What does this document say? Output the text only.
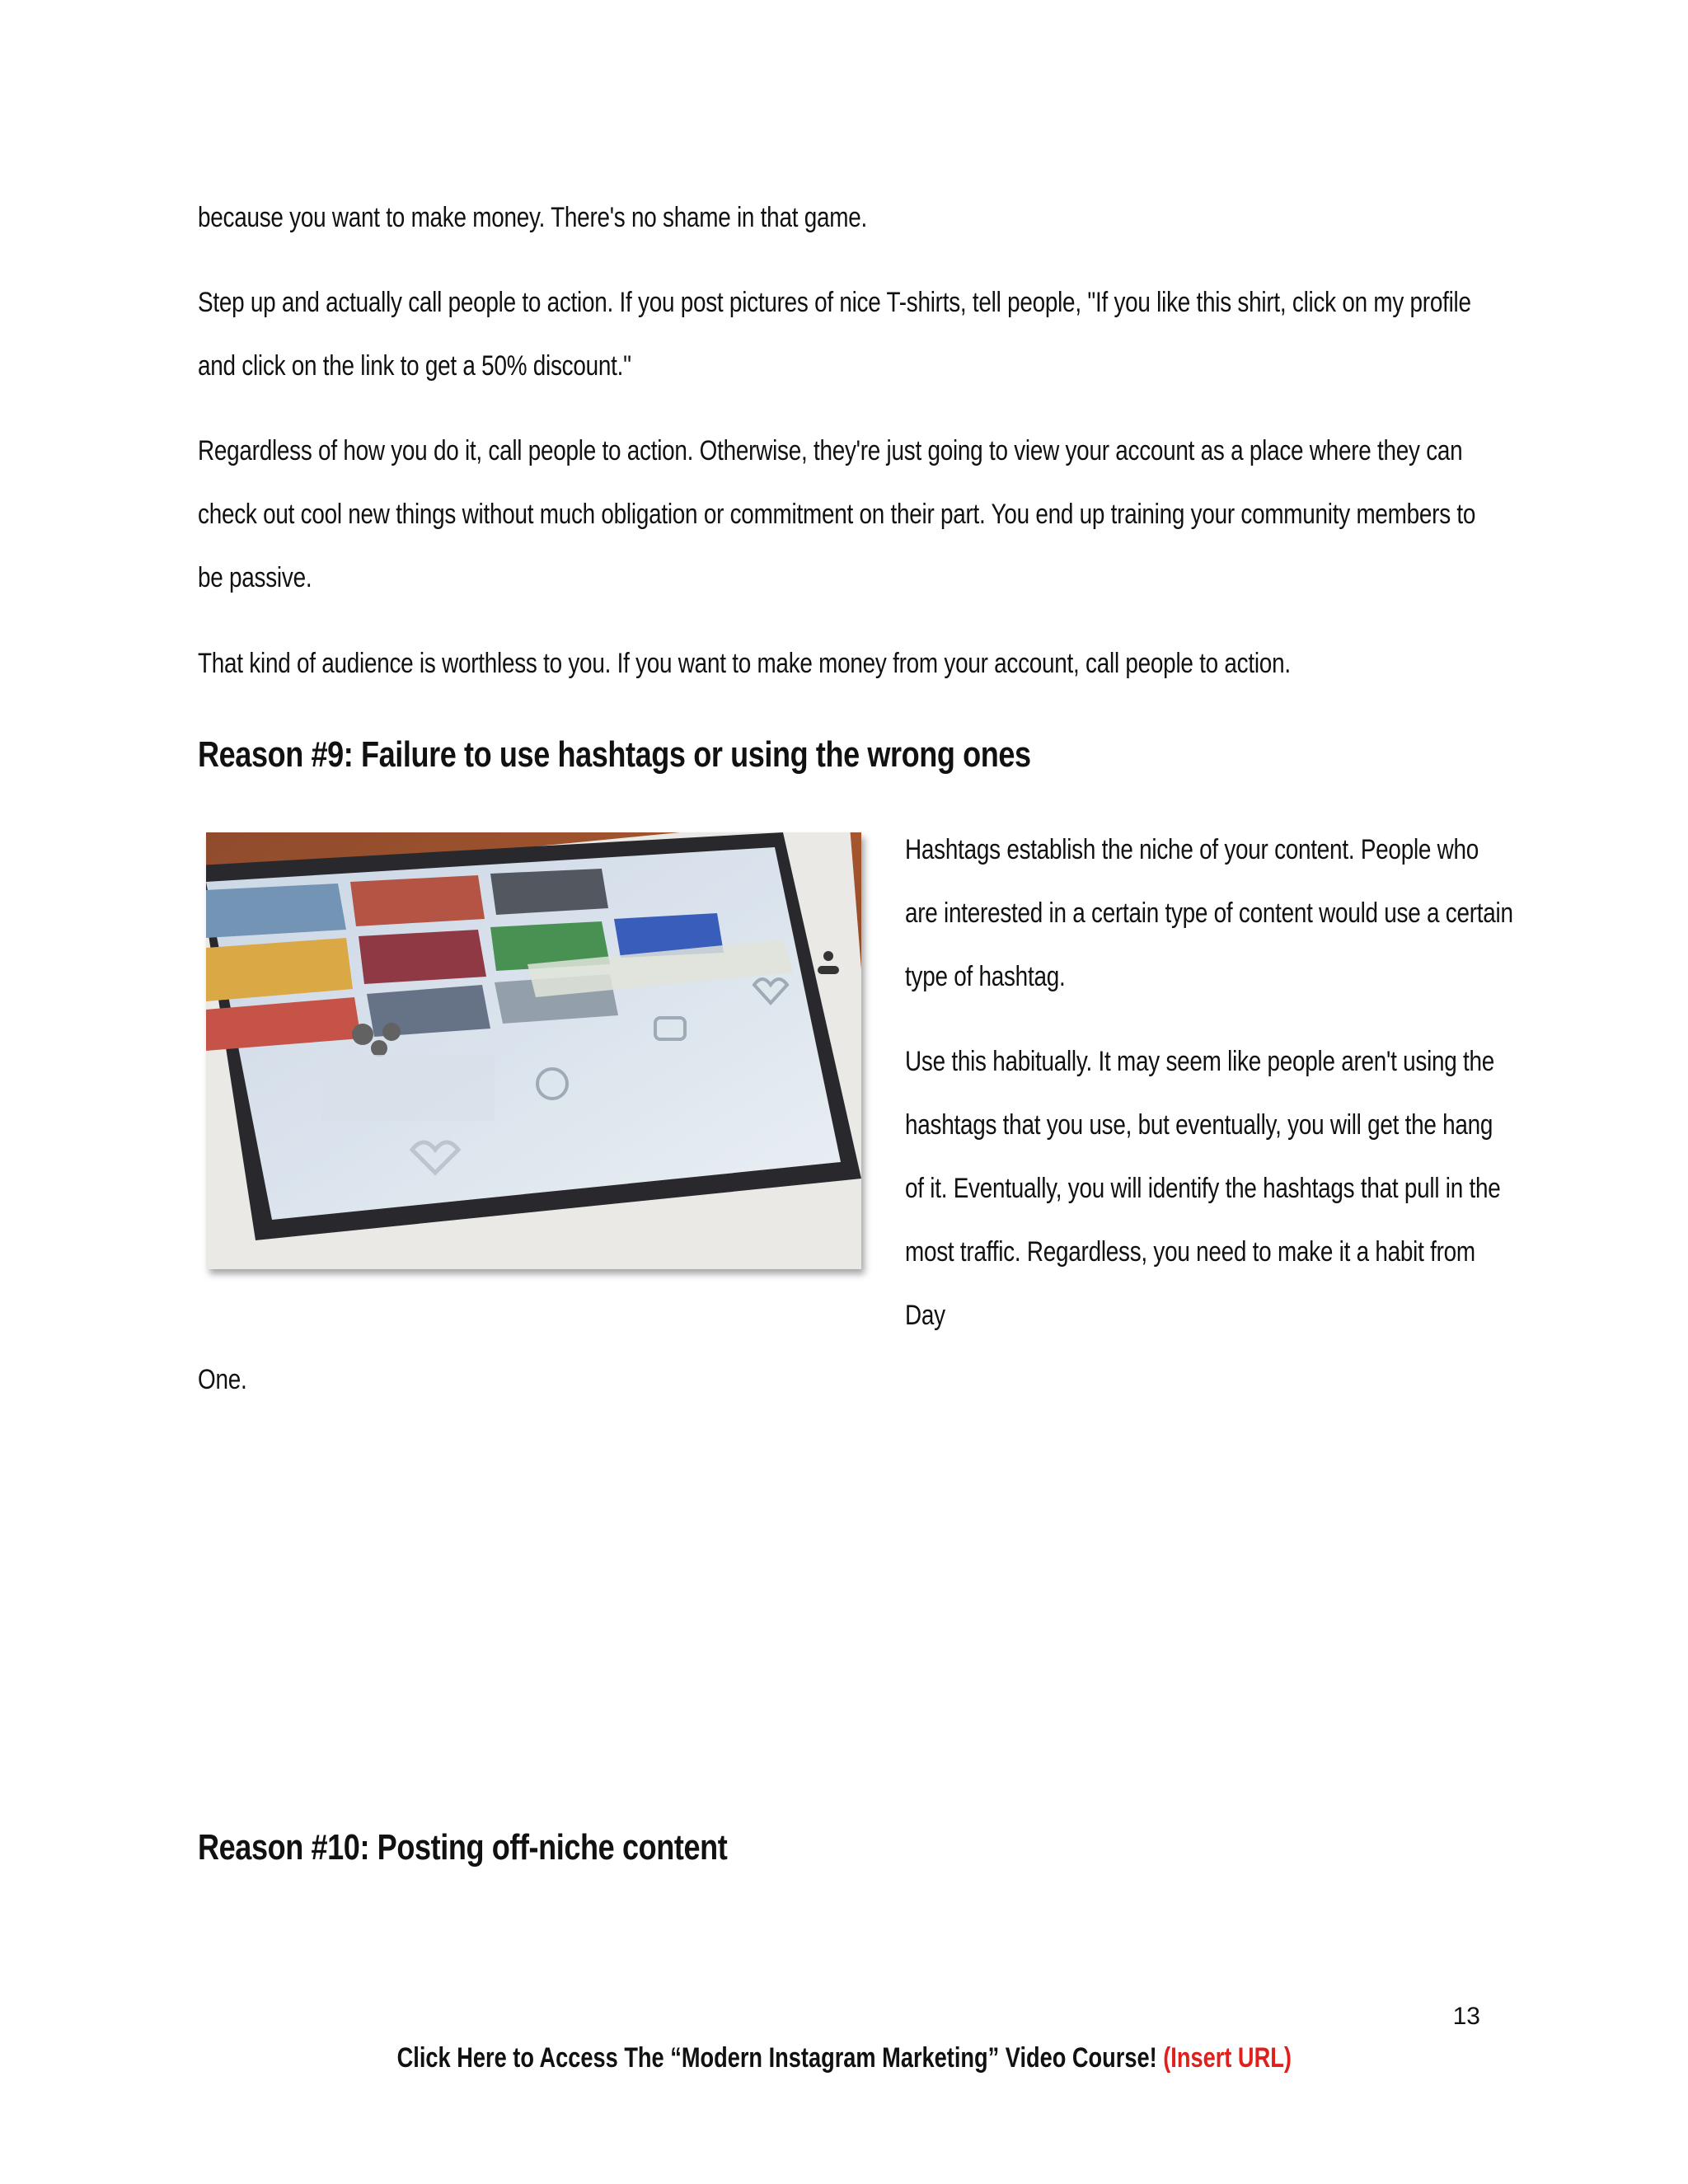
because you want to make money. There's no shame in that game.

Step up and actually call people to action. If you post pictures of nice T-shirts, tell people, "If you like this shirt, click on my profile and click on the link to get a 50% discount."

Regardless of how you do it, call people to action. Otherwise, they're just going to view your account as a place where they can check out cool new things without much obligation or commitment on their part. You end up training your community members to be passive.

That kind of audience is worthless to you. If you want to make money from your account, call people to action.

Reason #9: Failure to use hashtags or using the wrong ones

Hashtags establish the niche of your content. People who are interested in a certain type of content would use a certain type of hashtag.

Use this habitually. It may seem like people aren't using the hashtags that you use, but eventually, you will get the hang of it. Eventually, you will identify the hashtags that pull in the most traffic. Regardless, you need to make it a habit from Day

One.

Reason #10: Posting off-niche content

13

Click Here to Access The “Modern Instagram Marketing” Video Course! (Insert URL)
